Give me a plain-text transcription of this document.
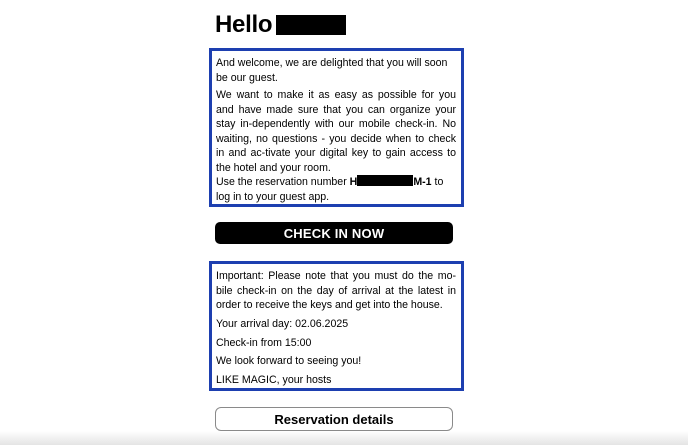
Hello

And welcome, we are delighted that you will soon be our guest.

We want to make it as easy as possible for you and have made sure that you can organize your stay in-dependently with our mobile check-in. No waiting, no questions - you decide when to check in and ac-tivate your digital key to gain access to the hotel and your room.

Use the reservation number H	M-1 to log in to your guest app.

CHECK IN NOW

Important: Please note that you must do the mo-bile check-in on the day of arrival at the latest in order to receive the keys and get into the house.

Your arrival day: 02.06.2025

Check-in from 15:00

We look forward to seeing you!

LIKE MAGIC, your hosts

Reservation details
